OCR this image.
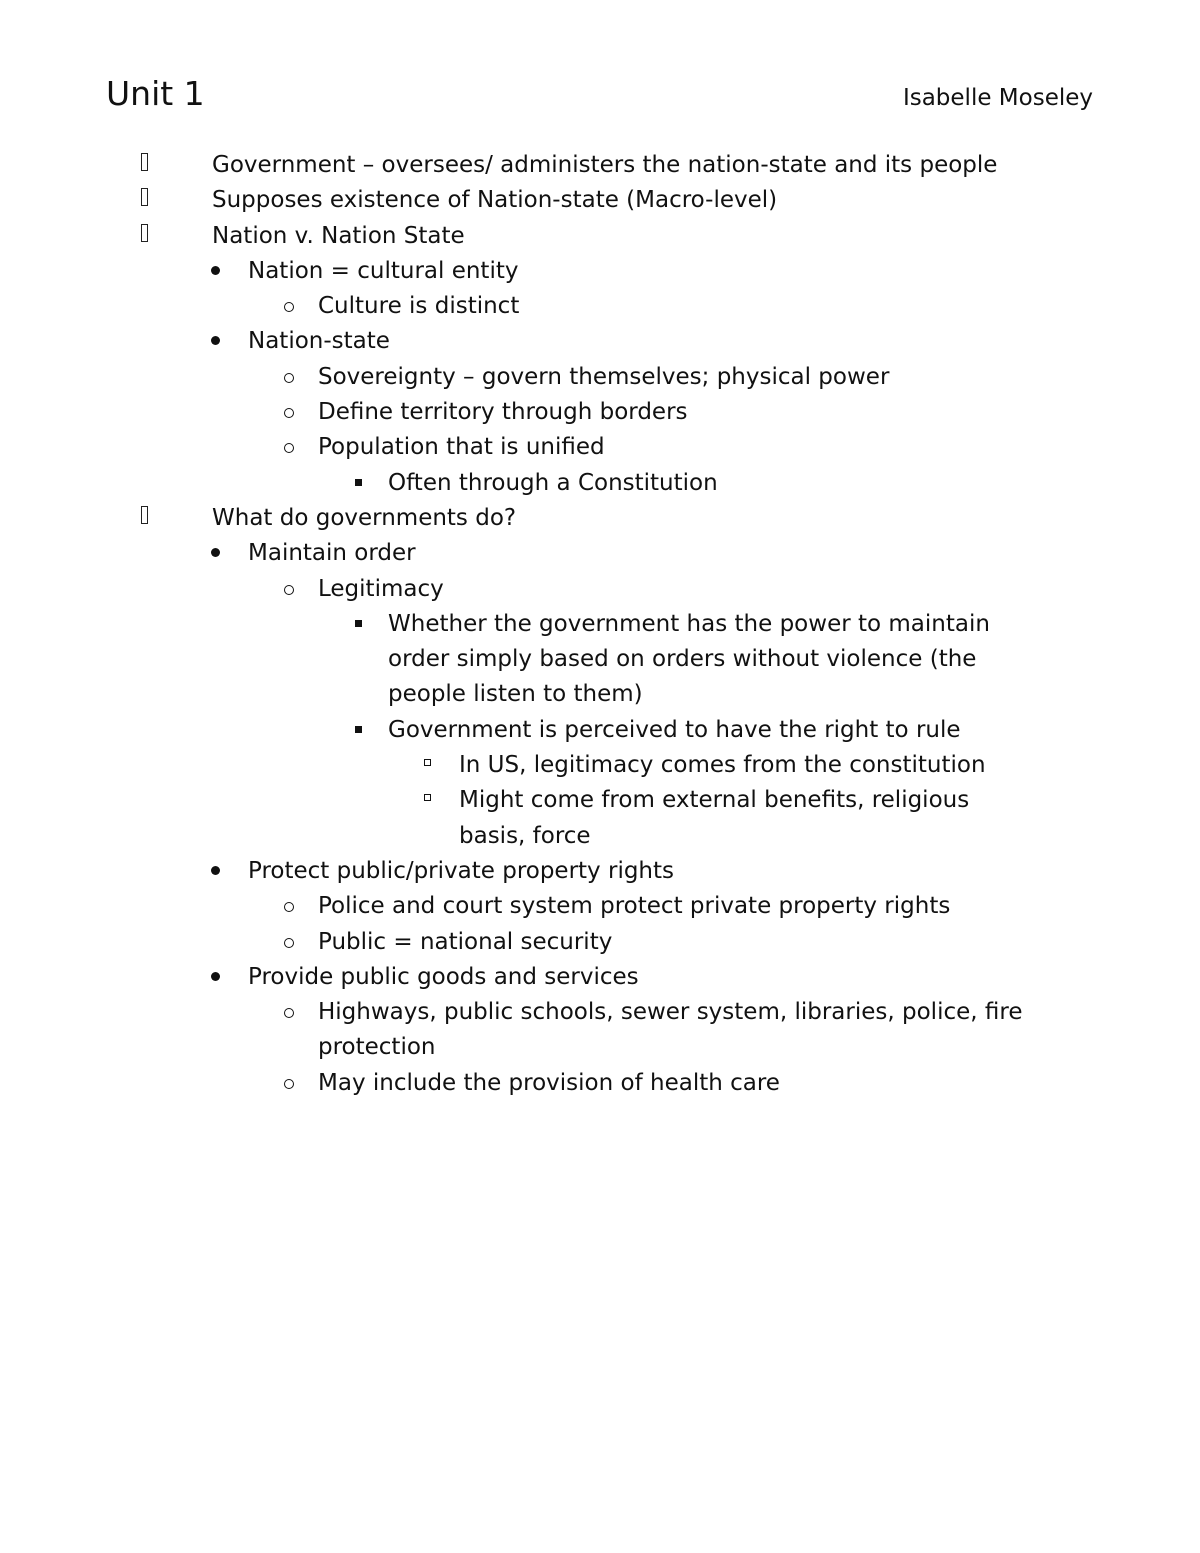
Unit 1	Isabelle Moseley
Government – oversees/ administers the nation-state and its people
Supposes existence of Nation-state (Macro-level)
Nation v. Nation State
Nation = cultural entity
Culture is distinct
Nation-state
Sovereignty – govern themselves; physical power
Define territory through borders
Population that is unified
Often through a Constitution
What do governments do?
Maintain order
Legitimacy
Whether the government has the power to maintain
order simply based on orders without violence (the
people listen to them)
Government is perceived to have the right to rule
In US, legitimacy comes from the constitution
Might come from external benefits, religious
basis, force
Protect public/private property rights
Police and court system protect private property rights
Public = national security
Provide public goods and services
Highways, public schools, sewer system, libraries, police, fire
protection
May include the provision of health care
